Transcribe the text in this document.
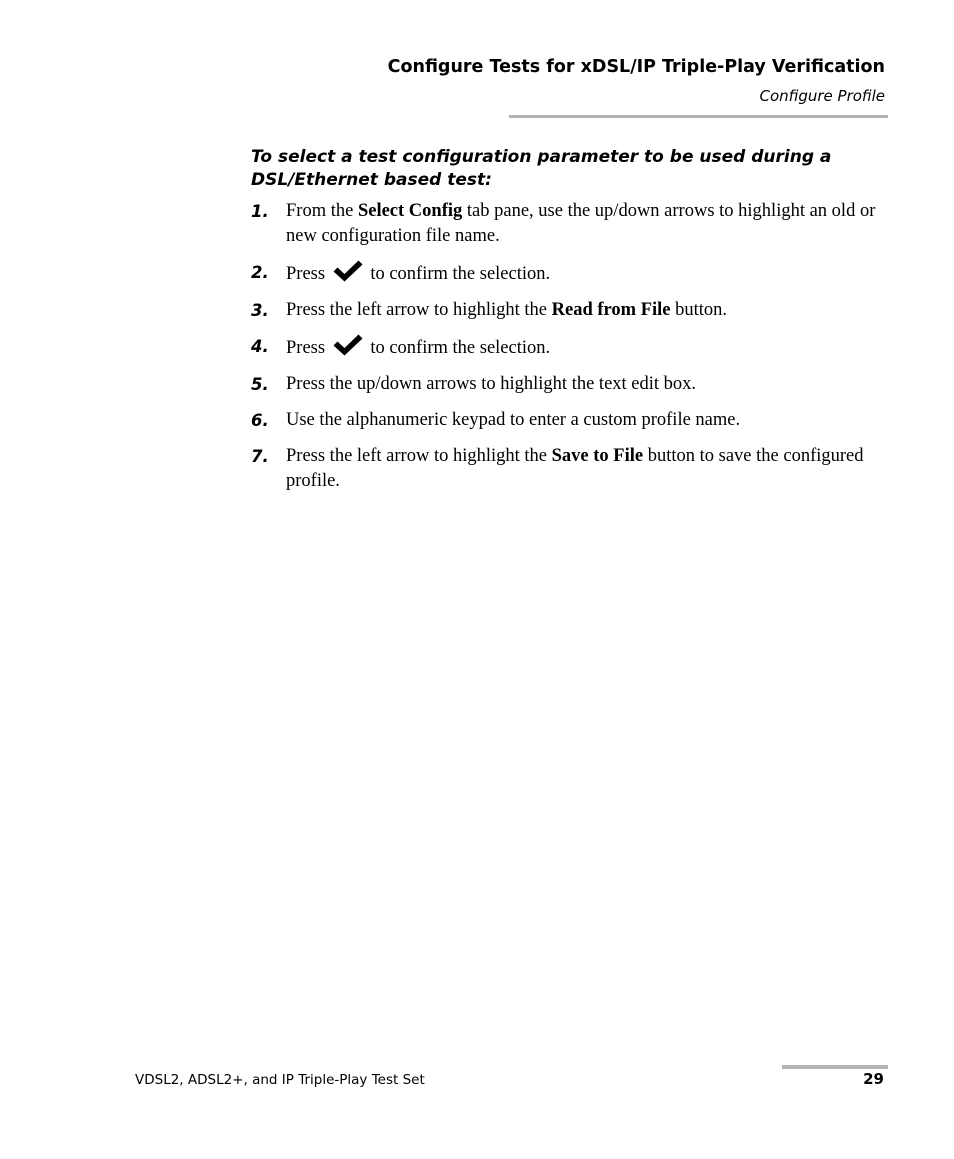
Configure Tests for xDSL/IP Triple-Play Verification
Configure Profile
To select a test configuration parameter to be used during a DSL/Ethernet based test:
1. From the Select Config tab pane, use the up/down arrows to highlight an old or new configuration file name.
2. Press to confirm the selection.
3. Press the left arrow to highlight the Read from File button.
4. Press to confirm the selection.
5. Press the up/down arrows to highlight the text edit box.
6. Use the alphanumeric keypad to enter a custom profile name.
7. Press the left arrow to highlight the Save to File button to save the configured profile.
VDSL2, ADSL2+, and IP Triple-Play Test Set	29
